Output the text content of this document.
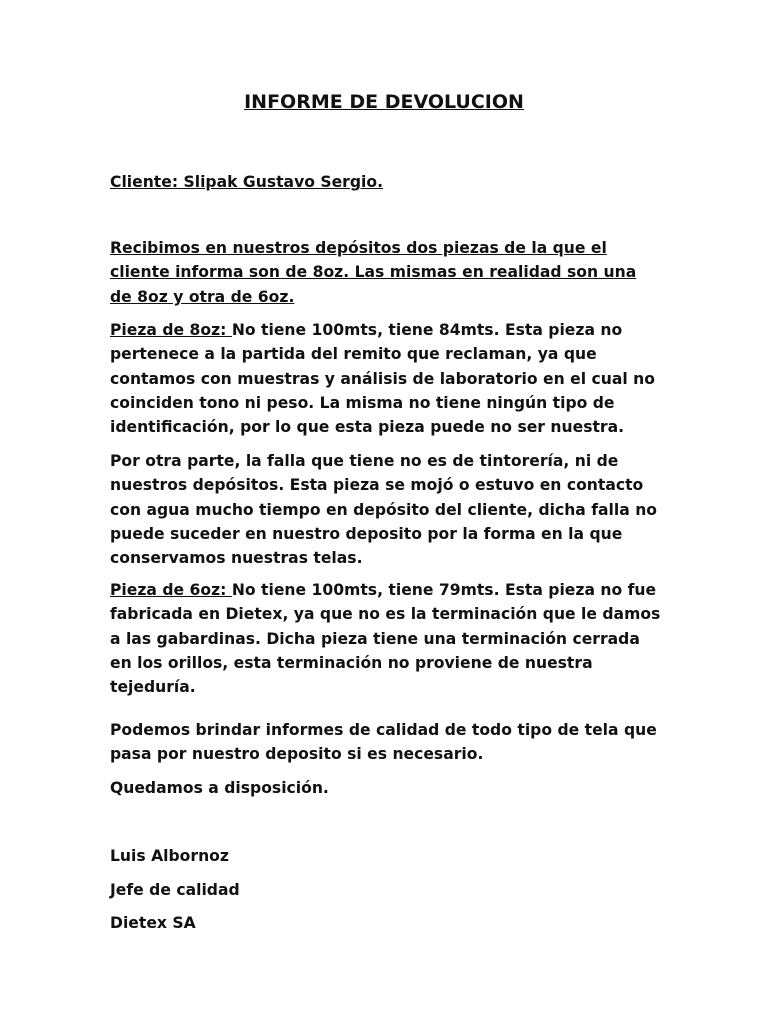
INFORME DE DEVOLUCION

Cliente: Slipak Gustavo Sergio.

Recibimos en nuestros depósitos dos piezas de la que el cliente informa son de 8oz. Las mismas en realidad son una de 8oz y otra de 6oz.

Pieza de 8oz: No tiene 100mts, tiene 84mts. Esta pieza no pertenece a la partida del remito que reclaman, ya que contamos con muestras y análisis de laboratorio en el cual no coinciden tono ni peso. La misma no tiene ningún tipo de identificación, por lo que esta pieza puede no ser nuestra.

Por otra parte, la falla que tiene no es de tintorería, ni de nuestros depósitos. Esta pieza se mojó o estuvo en contacto con agua mucho tiempo en depósito del cliente, dicha falla no puede suceder en nuestro deposito por la forma en la que conservamos nuestras telas.

Pieza de 6oz: No tiene 100mts, tiene 79mts. Esta pieza no fue fabricada en Dietex, ya que no es la terminación que le damos a las gabardinas. Dicha pieza tiene una terminación cerrada en los orillos, esta terminación no proviene de nuestra tejeduría.

Podemos brindar informes de calidad de todo tipo de tela que pasa por nuestro deposito si es necesario.

Quedamos a disposición.

Luis Albornoz

Jefe de calidad

Dietex SA
